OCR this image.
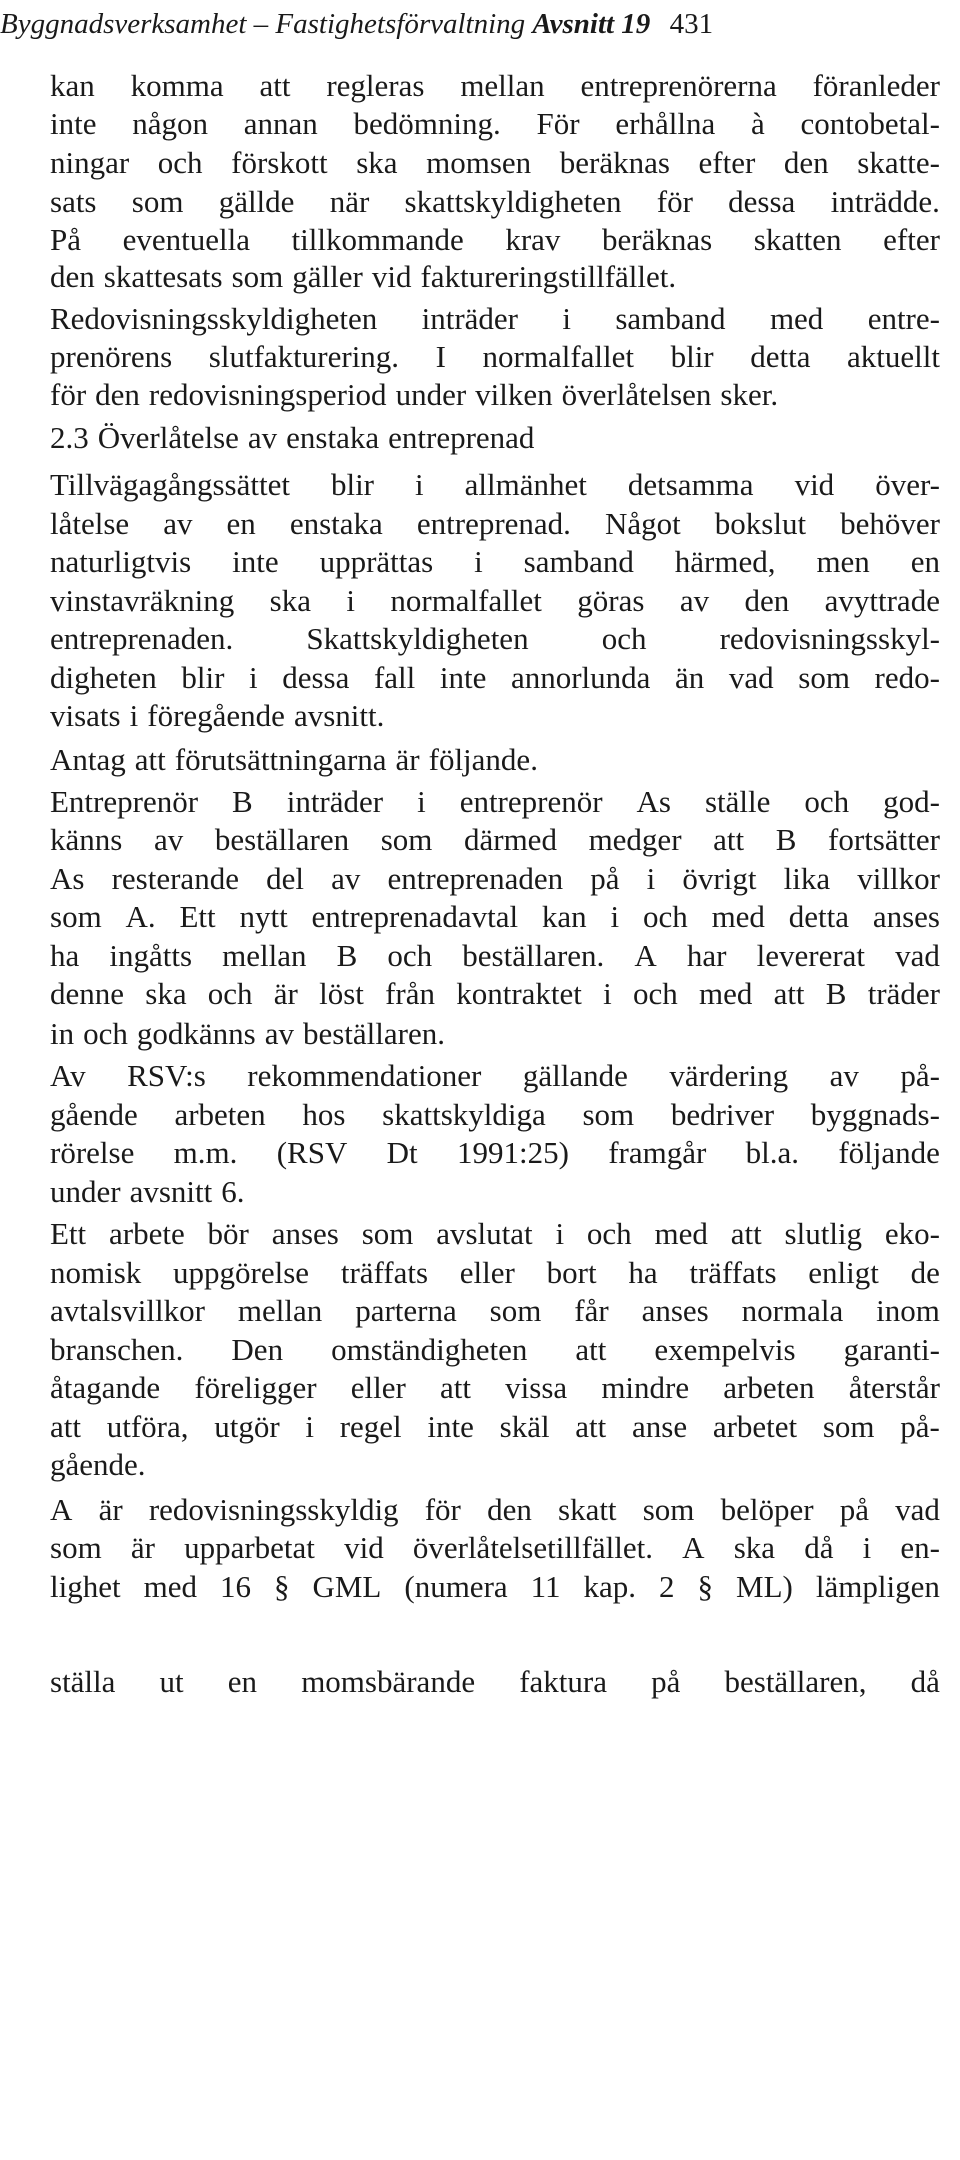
Byggnadsverksamhet – Fastighetsförvaltning Avsnitt 19 431
kan komma att regleras mellan entreprenörerna föranleder
inte någon annan bedömning. För erhållna à contobetal-
ningar och förskott ska momsen beräknas efter den skatte-
sats som gällde när skattskyldigheten för dessa inträdde.
På eventuella tillkommande krav beräknas skatten efter
den skattesats som gäller vid faktureringstillfället.
Redovisningsskyldigheten inträder i samband med entre-
prenörens slutfakturering. I normalfallet blir detta aktuellt
för den redovisningsperiod under vilken överlåtelsen sker.
2.3 Överlåtelse av enstaka entreprenad
Tillvägagångssättet blir i allmänhet detsamma vid över-
låtelse av en enstaka entreprenad. Något bokslut behöver
naturligtvis inte upprättas i samband härmed, men en
vinstavräkning ska i normalfallet göras av den avyttrade
entreprenaden. Skattskyldigheten och redovisningsskyl-
digheten blir i dessa fall inte annorlunda än vad som redo-
visats i föregående avsnitt.
Antag att förutsättningarna är följande.
Entreprenör B inträder i entreprenör As ställe och god-
känns av beställaren som därmed medger att B fortsätter
As resterande del av entreprenaden på i övrigt lika villkor
som A. Ett nytt entreprenadavtal kan i och med detta anses
ha ingåtts mellan B och beställaren. A har levererat vad
denne ska och är löst från kontraktet i och med att B träder
in och godkänns av beställaren.
Av RSV:s rekommendationer gällande värdering av på-
gående arbeten hos skattskyldiga som bedriver byggnads-
rörelse m.m. (RSV Dt 1991:25) framgår bl.a. följande
under avsnitt 6.
Ett arbete bör anses som avslutat i och med att slutlig eko-
nomisk uppgörelse träffats eller bort ha träffats enligt de
avtalsvillkor mellan parterna som får anses normala inom
branschen. Den omständigheten att exempelvis garanti-
åtagande föreligger eller att vissa mindre arbeten återstår
att utföra, utgör i regel inte skäl att anse arbetet som på-
gående.
A är redovisningsskyldig för den skatt som belöper på vad
som är upparbetat vid överlåtelsetillfället. A ska då i en-
lighet med 16 § GML (numera 11 kap. 2 § ML) lämpligen
ställa ut en momsbärande faktura på beställaren, då
